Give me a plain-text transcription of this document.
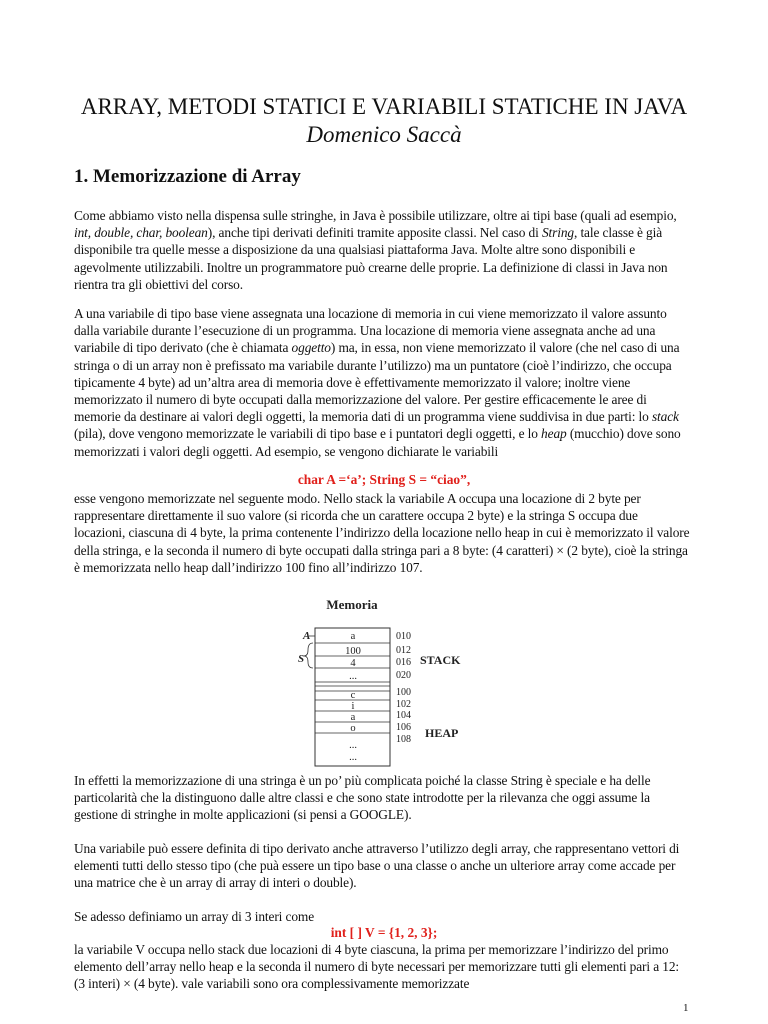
ARRAY, METODI STATICI E VARIABILI STATICHE IN JAVA
Domenico Saccà
1. Memorizzazione di Array
Come abbiamo visto nella dispensa sulle stringhe, in Java è possibile utilizzare, oltre ai tipi base (quali ad esempio, int, double, char, boolean), anche tipi derivati definiti tramite apposite classi. Nel caso di String, tale classe è già disponibile tra quelle messe a disposizione da una qualsiasi piattaforma Java. Molte altre sono disponibili e agevolmente utilizzabili. Inoltre un programmatore può crearne delle proprie. La definizione di classi in Java non rientra tra gli obiettivi del corso.
A una variabile di tipo base viene assegnata una locazione di memoria in cui viene memorizzato il valore assunto dalla variabile durante l’esecuzione di un programma. Una locazione di memoria viene assegnata anche ad una variabile di tipo derivato (che è chiamata oggetto) ma, in essa, non viene memorizzato il valore (che nel caso di una stringa o di un array non è prefissato ma variabile durante l’utilizzo) ma un puntatore (cioè l’indirizzo, che occupa tipicamente 4 byte) ad un’altra area di memoria dove è effettivamente memorizzato il valore; inoltre viene memorizzato il numero di byte occupati dalla memorizzazione del valore. Per gestire efficacemente le aree di memorie da destinare ai valori degli oggetti, la memoria dati di un programma viene suddivisa in due parti: lo stack (pila), dove vengono memorizzate le variabili di tipo base e i puntatori degli oggetti, e lo heap (mucchio) dove sono memorizzati i valori degli oggetti. Ad esempio, se vengono dichiarate le variabili
char A =‘a’; String S = “ciao”,
esse vengono memorizzate nel seguente modo. Nello stack la variabile A occupa una locazione di 2 byte per rappresentare direttamente il suo valore (si ricorda che un carattere occupa 2 byte) e la stringa S occupa due locazioni, ciascuna di 4 byte, la prima contenente l’indirizzo della locazione nello heap in cui è memorizzato il valore della stringa, e la seconda il numero di byte occupati dalla stringa pari a 8 byte: (4 caratteri) × (2 byte), cioè la stringa è memorizzata nello heap dall’indirizzo 100 fino all’indirizzo 107.
Memoria
A
S
a
100
4
...
c
i
a
o
...
...
010
012
016
020
100
102
104
106
108
STACK
HEAP
In effetti la memorizzazione di una stringa è un po’ più complicata poiché la classe String è speciale e ha delle particolarità che la distinguono dalle altre classi e che sono state introdotte per la rilevanza che oggi assume la gestione di stringhe in molte applicazioni (si pensi a GOOGLE).
Una variabile può essere definita di tipo derivato anche attraverso l’utilizzo degli array, che rappresentano vettori di elementi tutti dello stesso tipo (che puà essere un tipo base o una classe o anche un ulteriore array come accade per una matrice che è un array di array di interi o double).
Se adesso definiamo un array di 3 interi come
int [ ] V = {1, 2, 3};
la variabile V occupa nello stack due locazioni di 4 byte ciascuna, la prima per memorizzare l’indirizzo del primo elemento dell’array nello heap e la seconda il numero di byte necessari per memorizzare tutti gli elementi pari a 12: (3 interi) × (4 byte). vale variabili sono ora complessivamente memorizzate
1
